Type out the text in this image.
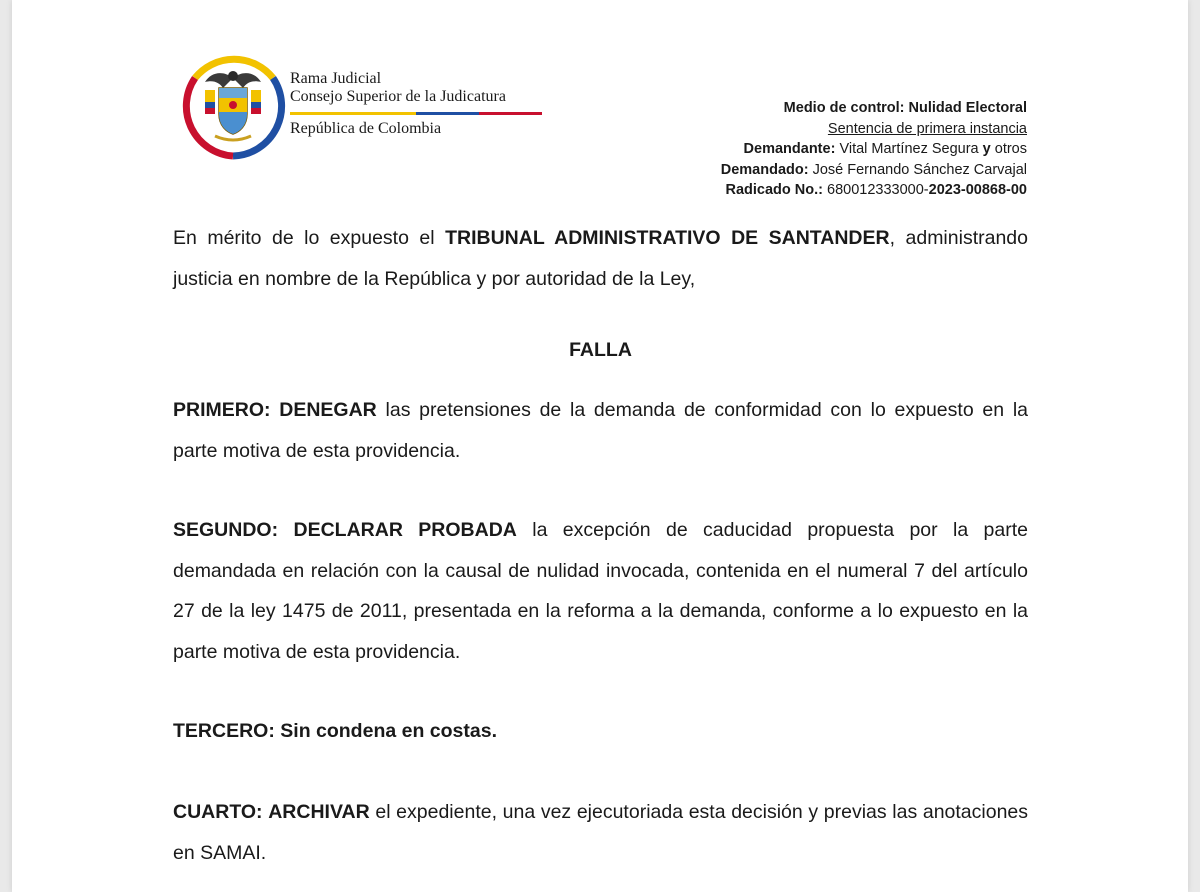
Rama Judicial
Consejo Superior de la Judicatura
República de Colombia
Medio de control: Nulidad Electoral
Sentencia de primera instancia
Demandante: Vital Martínez Segura y otros
Demandado: José Fernando Sánchez Carvajal
Radicado No.: 680012333000-2023-00868-00
En mérito de lo expuesto el TRIBUNAL ADMINISTRATIVO DE SANTANDER, administrando justicia en nombre de la República y por autoridad de la Ley,
FALLA
PRIMERO: DENEGAR las pretensiones de la demanda de conformidad con lo expuesto en la parte motiva de esta providencia.
SEGUNDO: DECLARAR PROBADA la excepción de caducidad propuesta por la parte demandada en relación con la causal de nulidad invocada, contenida en el numeral 7 del artículo 27 de la ley 1475 de 2011, presentada en la reforma a la demanda, conforme a lo expuesto en la parte motiva de esta providencia.
TERCERO: Sin condena en costas.
CUARTO: ARCHIVAR el expediente, una vez ejecutoriada esta decisión y previas las anotaciones en SAMAI.
